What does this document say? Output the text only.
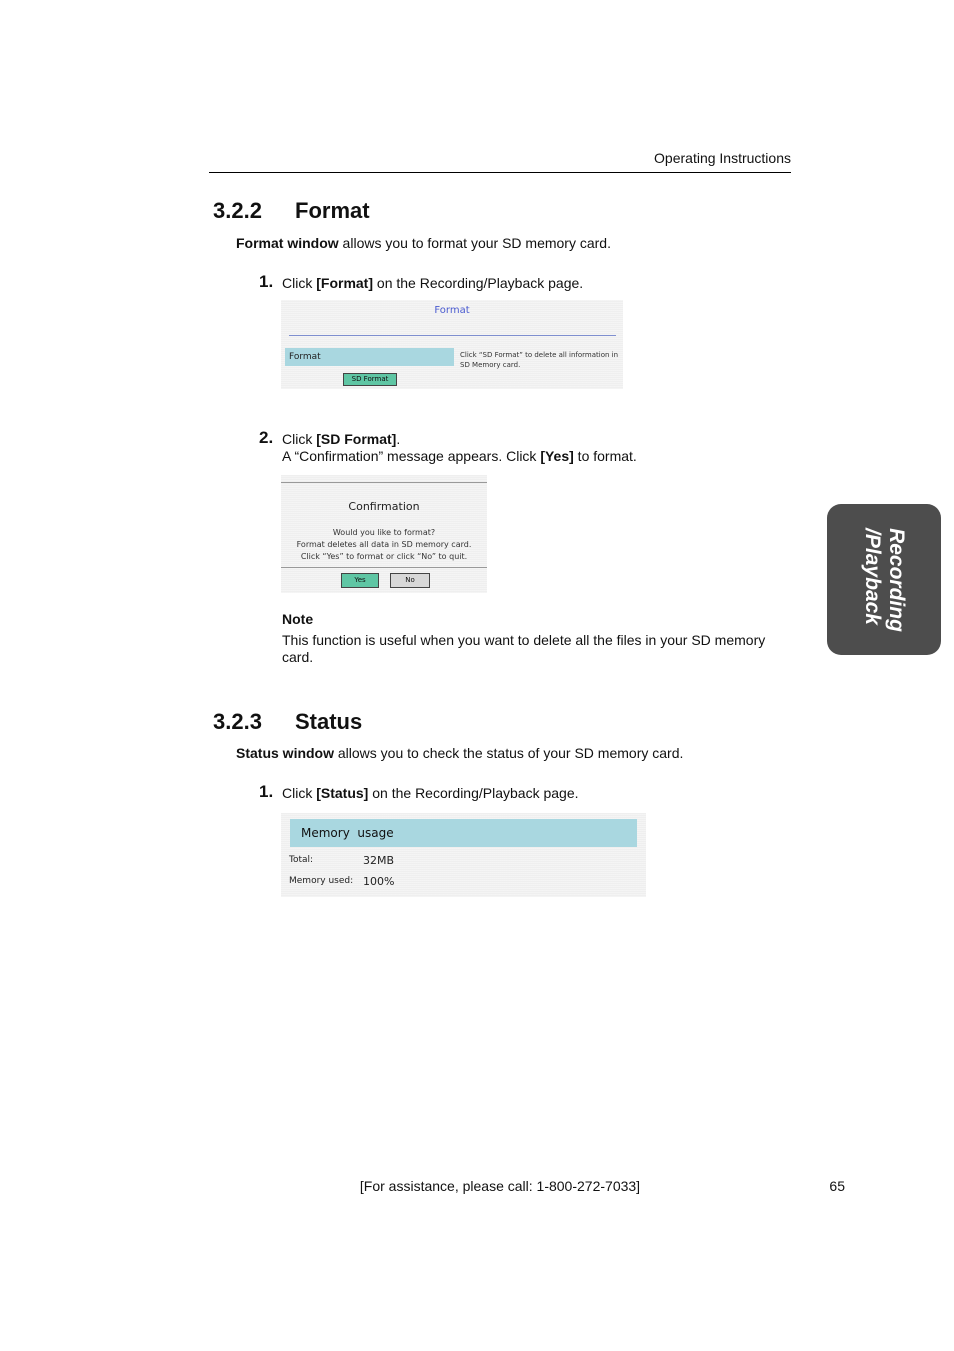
Operating Instructions
3.2.2 Format
Format window allows you to format your SD memory card.
1. Click [Format] on the Recording/Playback page.
Format
Format	Click “SD Format” to delete all information in
SD Memory card.
SD Format
2. Click [SD Format].
A “Confirmation” message appears. Click [Yes] to format.
Confirmation
Would you like to format?
Format deletes all data in SD memory card.
Click “Yes” to format or click “No” to quit.
Yes	No
Note
This function is useful when you want to delete all the files in your SD memory card.
3.2.3 Status
Status window allows you to check the status of your SD memory card.
1. Click [Status] on the Recording/Playback page.
Memory  usage
Total:	32MB
Memory used: 100%
Recording
/Playback
[For assistance, please call: 1-800-272-7033]	65
